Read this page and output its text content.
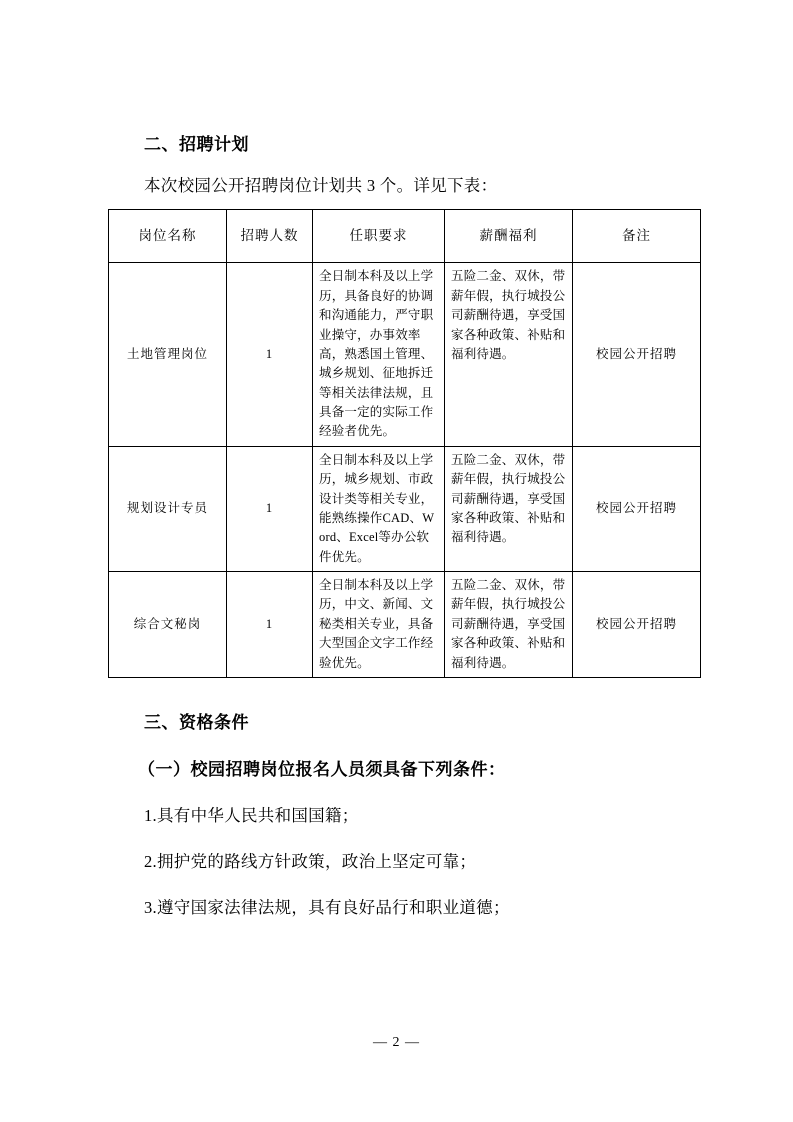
二、招聘计划

本次校园公开招聘岗位计划共 3 个。详见下表：

岗位名称	招聘人数	任职要求	薪酬福利	备注
土地管理岗位	1	全日制本科及以上学历，具备良好的协调和沟通能力，严守职业操守，办事效率高，熟悉国土管理、城乡规划、征地拆迁等相关法律法规，且具备一定的实际工作经验者优先。	五险二金、双休，带薪年假，执行城投公司薪酬待遇，享受国家各种政策、补贴和福利待遇。	校园公开招聘
规划设计专员	1	全日制本科及以上学历，城乡规划、市政设计类等相关专业，能熟练操作CAD、Word、Excel等办公软件优先。	五险二金、双休，带薪年假，执行城投公司薪酬待遇，享受国家各种政策、补贴和福利待遇。	校园公开招聘
综合文秘岗	1	全日制本科及以上学历，中文、新闻、文秘类相关专业，具备大型国企文字工作经验优先。	五险二金、双休，带薪年假，执行城投公司薪酬待遇，享受国家各种政策、补贴和福利待遇。	校园公开招聘
三、资格条件
（一）校园招聘岗位报名人员须具备下列条件：
1.具有中华人民共和国国籍；
2.拥护党的路线方针政策，政治上坚定可靠；
3.遵守国家法律法规，具有良好品行和职业道德；
— 2 —
